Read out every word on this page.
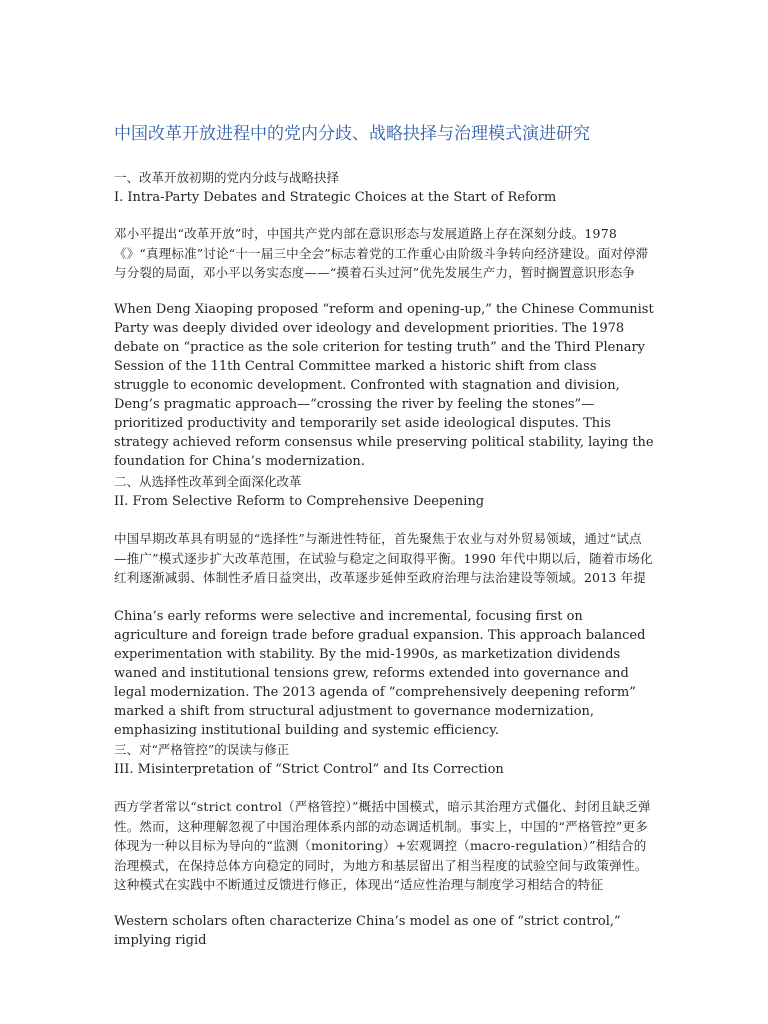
中国改革开放进程中的党内分歧、战略抉择与治理模式演进研究
一、改革开放初期的党内分歧与战略抉择
I. Intra-Party Debates and Strategic Choices at the Start of Reform
邓小平提出“改革开放”时，中国共产党内部在意识形态与发展道路上存在深刻分歧。1978《》“真理标准”讨论“十一届三中全会”标志着党的工作重心由阶级斗争转向经济建设。面对停滞与分裂的局面，邓小平以务实态度——“摸着石头过河”优先发展生产力，暂时搁置意识形态争
When Deng Xiaoping proposed “reform and opening-up,” the Chinese Communist Party was deeply divided over ideology and development priorities. The 1978 debate on “practice as the sole criterion for testing truth” and the Third Plenary Session of the 11th Central Committee marked a historic shift from class struggle to economic development. Confronted with stagnation and division, Deng’s pragmatic approach—“crossing the river by feeling the stones”—prioritized productivity and temporarily set aside ideological disputes. This strategy achieved reform consensus while preserving political stability, laying the foundation for China’s modernization.
二、从选择性改革到全面深化改革
II. From Selective Reform to Comprehensive Deepening
中国早期改革具有明显的“选择性”与渐进性特征，首先聚焦于农业与对外贸易领域，通过“试点—推广”模式逐步扩大改革范围，在试验与稳定之间取得平衡。1990 年代中期以后，随着市场化红利逐渐减弱、体制性矛盾日益突出，改革逐步延伸至政府治理与法治建设等领域。2013 年提
China’s early reforms were selective and incremental, focusing first on agriculture and foreign trade before gradual expansion. This approach balanced experimentation with stability. By the mid-1990s, as marketization dividends waned and institutional tensions grew, reforms extended into governance and legal modernization. The 2013 agenda of “comprehensively deepening reform” marked a shift from structural adjustment to governance modernization, emphasizing institutional building and systemic efficiency.
三、对“严格管控”的误读与修正
III. Misinterpretation of “Strict Control” and Its Correction
西方学者常以“strict control（严格管控）”概括中国模式，暗示其治理方式僵化、封闭且缺乏弹性。然而，这种理解忽视了中国治理体系内部的动态调适机制。事实上，中国的“严格管控”更多体现为一种以目标为导向的“监测（monitoring）+宏观调控（macro-regulation）”相结合的治理模式，在保持总体方向稳定的同时，为地方和基层留出了相当程度的试验空间与政策弹性。这种模式在实践中不断通过反馈进行修正，体现出“适应性治理与制度学习相结合的特征
Western scholars often characterize China’s model as one of “strict control,” implying rigid
